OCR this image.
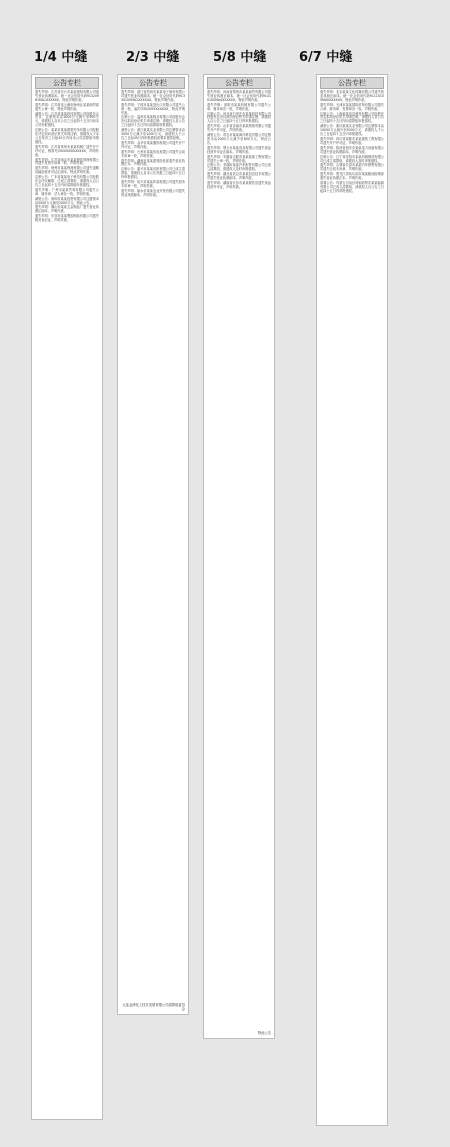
1/4 中缝	2/3 中缝	5/8 中缝	6/7 中缝
公告专栏

遗失声明：江苏省东台市某某建材有限公司遗失营业执照副本，统一社会信用代码91320981MA1XXXXXX，特此声明作废。

遗失声明：江苏省连云港市海州区某某商贸部遗失公章一枚，特此声明作废。

减资公告：江苏省某某科技有限公司经股东会决议，注册资本由1000万元减少至500万元，请债权人自本公告之日起四十五日内向本公司申报债权。

注销公告：某某市某某建筑劳务有限公司经股东决定拟向登记机关申请注销，请债权人于本公告发布之日起45日内向本公司清算组申报债权。

遗失声明：江苏省常州市某某机械厂遗失开户许可证，核准号J3040000XXXXXX，声明作废。

遗失声明：江苏省南京市某某餐饮管理有限公司遗失发票专用章一枚，声明作废。

遗失声明：徐州市某某物流有限公司遗失道路运输经营许可证正副本，特此声明作废。

注销公告：广东省某某电子科技有限公司经股东会决议解散，已成立清算组，请债权人自公告之日起四十五日内向清算组申报债权。

遗失声明：广州市某某贸易有限公司遗失公章、财务章、法人章各一枚，声明作废。

减资公告：深圳市某某投资有限公司注册资本由5000万元减至2000万元，特此公告。

遗失声明：佛山市某某五金制品厂遗失营业执照正副本，声明作废。

遗失声明：东莞市某某塑胶制品有限公司遗失税务登记证，声明作废。

公告专栏

遗失声明：浙江省杭州市某某电子商务有限公司遗失营业执照副本，统一社会信用代码91330100MA2XXXXXX，特此声明作废。

遗失声明：宁波市某某进出口有限公司遗失公章一枚，编号3302000XXXXXX，特此声明作废。

注销公告：温州市某某鞋业有限公司经股东会决议拟向登记机关申请注销，请债权人自公告之日起四十五日内向清算组申报债权。

减资公告：浙江某某实业有限公司注册资本由3000万元减少至1000万元，请债权人于公告之日起45日内申报债权或要求提供担保。

遗失声明：金华市某某服饰有限公司遗失开户许可证，声明作废。

遗失声明：台州市某某机电有限公司遗失合同专用章一枚，声明作废。

遗失声明：湖州市某某建材经营部遗失营业执照正本，声明作废。

注销公告：嘉兴市某某纺织有限公司已成立清算组，请债权人自本公告见报之日起四十五日内申报债权。

遗失声明：绍兴市某某印染有限公司遗失财务专用章一枚，声明作废。

遗失声明：丽水市某某农业开发有限公司遗失营业执照副本，声明作废。

大连金湾化工技术发展有限公司清算组委员会
公告专栏

遗失声明：河南省郑州市某某商贸有限公司遗失营业执照正副本，统一社会信用代码91410100MA4XXXXXX，特此声明作废。

遗失声明：洛阳市某某机械有限公司遗失公章、财务章各一枚，声明作废。

注销公告：河北省石家庄市某某科技有限公司经股东会决议拟向登记机关申请注销，请债权人自公告之日起四十五日内申报债权。

遗失声明：山东省济南市某某物资有限公司遗失开户许可证，声明作废。

减资公告：青岛市某某海洋科技有限公司注册资本由2000万元减少至800万元，特此公告。

遗失声明：烟台市某某食品有限公司遗失食品经营许可证正副本，声明作废。

遗失声明：安徽省合肥市某某装饰工程有限公司遗失公章一枚，声明作废。

注销公告：芜湖市某某汽车配件有限公司已成立清算组，请债权人及时申报债权。

遗失声明：湖北省武汉市某某信息技术有限公司遗失营业执照副本，声明作废。

遗失声明：湖南省长沙市某某餐饮店遗失食品经营许可证，声明作废。

特此公告
公告专栏

遗失声明：北京某某文化传媒有限公司遗失营业执照正副本，统一社会信用代码91110105MA0XXXXXX，特此声明作废。

遗失声明：天津市某某国际贸易有限公司遗失公章、财务章、发票章各一枚，声明作废。

注销公告：上海某某信息科技有限公司经股东决定拟向登记机关申请注销，请债权人自公告之日起四十五日内向清算组申报债权。

减资公告：重庆某某实业有限公司注册资本由10000万元减少至5000万元，请债权人于公告之日起四十五日内申报债权。

遗失声明：四川省成都市某某建筑工程有限公司遗失开户许可证，声明作废。

遗失声明：陕西省西安市某某电力设备有限公司遗失营业执照副本，声明作废。

注销公告：辽宁省沈阳市某某机械制造有限公司已成立清算组，请债权人及时申报债权。

遗失声明：吉林省长春市某某汽车销售有限公司遗失合同专用章，声明作废。

遗失声明：黑龙江省哈尔滨市某某粮油经销部遗失营业执照正本，声明作废。

清算公告：内蒙古自治区呼和浩特市某某能源有限公司已成立清算组，请债权人自公告之日起四十五日内申报债权。
